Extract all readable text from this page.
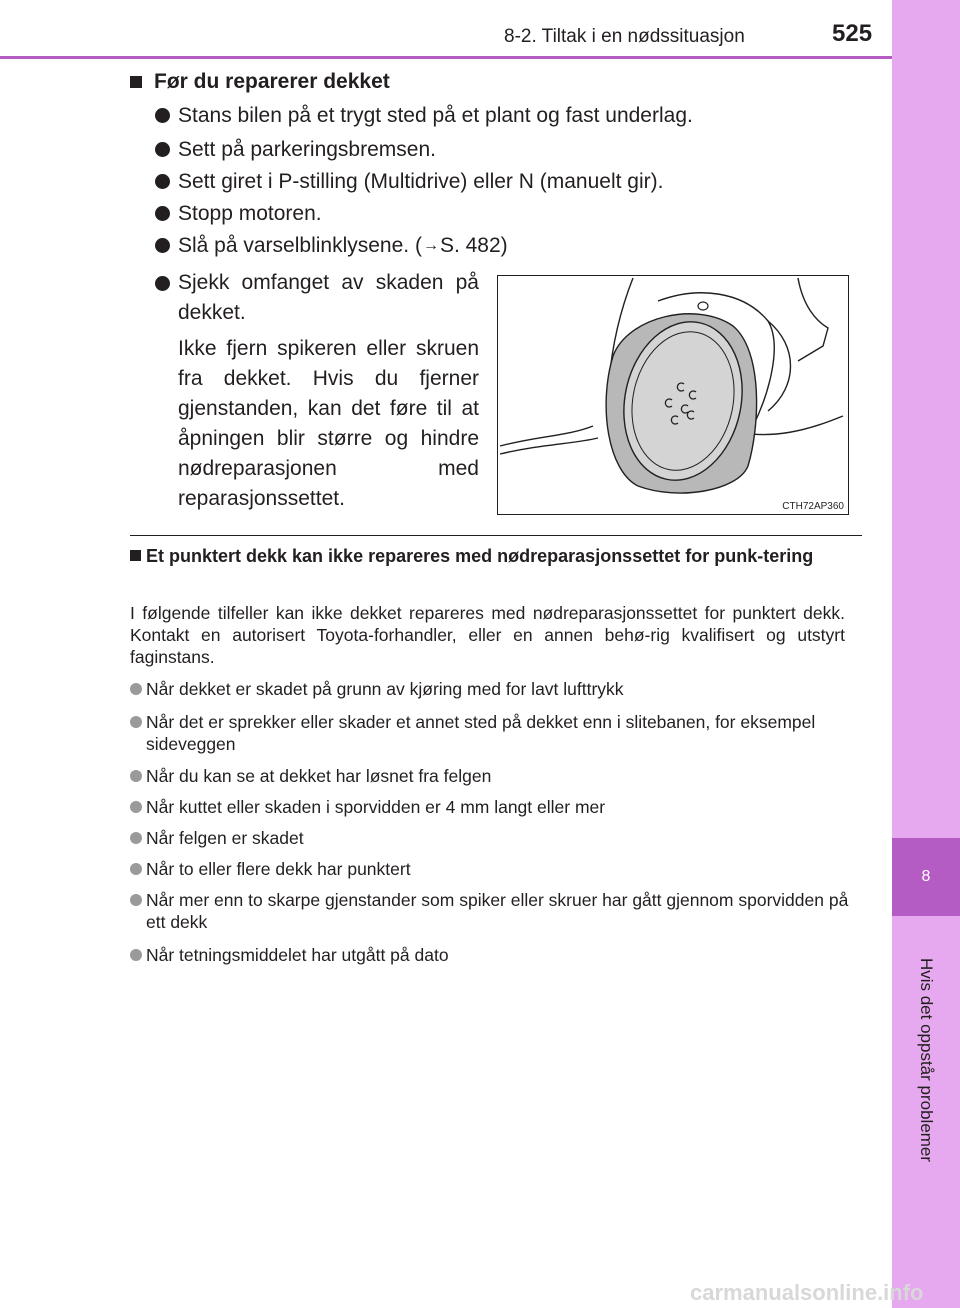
8
Hvis det oppstår problemer
8-2. Tiltak i en nødssituasjon	525
Før du reparerer dekket
Stans bilen på et trygt sted på et plant og fast underlag.
Sett på parkeringsbremsen.
Sett giret i P-stilling (Multidrive) eller N (manuelt gir).
Stopp motoren.
Slå på varselblinklysene. ( → S. 482)
Sjekk omfanget av skaden på dekket.
Ikke fjern spikeren eller skruen fra dekket. Hvis du fjerner gjenstanden, kan det føre til at åpningen blir større og hindre nødreparasjonen med reparasjonssettet.	CTH72AP360
Et punktert dekk kan ikke repareres med nødreparasjonssettet for punk-tering
I følgende tilfeller kan ikke dekket repareres med nødreparasjonssettet for punktert dekk. Kontakt en autorisert Toyota-forhandler, eller en annen behø-rig kvalifisert og utstyrt faginstans.
Når dekket er skadet på grunn av kjøring med for lavt lufttrykk
Når det er sprekker eller skader et annet sted på dekket enn i slitebanen, for eksempel sideveggen
Når du kan se at dekket har løsnet fra felgen
Når kuttet eller skaden i sporvidden er 4 mm langt eller mer
Når felgen er skadet
Når to eller flere dekk har punktert
Når mer enn to skarpe gjenstander som spiker eller skruer har gått gjennom sporvidden på ett dekk
Når tetningsmiddelet har utgått på dato
carmanualsonline.info
